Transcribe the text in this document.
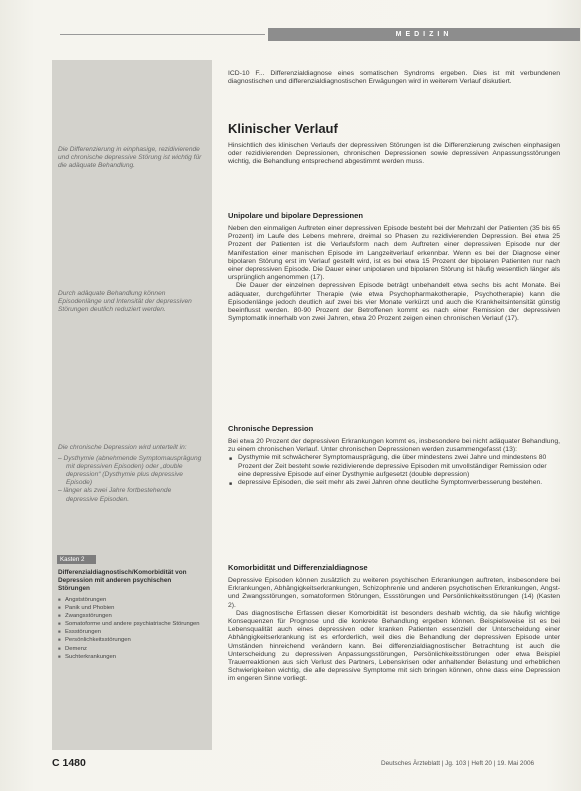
MEDIZIN
Die Differenzierung in einphasige, rezidivierende und chronische depressive Störung ist wichtig für die adäquate Behandlung.
Durch adäquate Behandlung können Episodenlänge und Intensität der depressiven Störungen deutlich reduziert werden.

Die chronische Depression wird unterteilt in:

– Dysthymie (abnehmende Symptomausprägung mit depressiven Episoden) oder „double depression“ (Dysthymie plus depressive Episode)

– länger als zwei Jahre fortbestehende depressive Episoden.

Kasten 2
Differenzialdiagnostisch/Komorbidität von Depression mit anderen psychischen Störungen
■ Angststörungen
■ Panik und Phobien
■ Zwangsstörungen
■ Somatoforme und andere psychiatrische Störungen
■ Essstörungen
■ Persönlichkeitsstörungen
■ Demenz
■ Suchterkrankungen

ICD-10 F... Differenzialdiagnose eines somatischen Syndroms ergeben. Dies ist mit verbundenen diagnostischen und differenzialdiagnostischen Erwägungen wird in weiterem Verlauf diskutiert.

Klinischer Verlauf

Hinsichtlich des klinischen Verlaufs der depressiven Störungen ist die Differenzierung zwischen einphasigen oder rezidivierenden Depressionen, chronischen Depressionen sowie depressiven Anpassungsstörungen wichtig, die Behandlung entsprechend abgestimmt werden muss.

Unipolare und bipolare Depressionen

Neben den einmaligen Auftreten einer depressiven Episode besteht bei der Mehrzahl der Patienten (35 bis 65 Prozent) im Laufe des Lebens mehrere, dreimal so Phasen zu rezidivierenden Depression. Bei etwa 25 Prozent der Patienten ist die Verlaufsform nach dem Auftreten einer depressiven Episode nur der Manifestation einer manischen Episode im Langzeitverlauf erkennbar. Wenn es bei der Diagnose einer bipolaren Störung erst im Verlauf gestellt wird, ist es bei etwa 15 Prozent der bipolaren Patienten nur nach einer depressiven Episode. Die Dauer einer unipolaren und bipolaren Störung ist häufig wesentlich länger als ursprünglich angenommen (17).

Die Dauer der einzelnen depressiven Episode beträgt unbehandelt etwa sechs bis acht Monate. Bei adäquater, durchgeführter Therapie (wie etwa Psychopharmakotherapie, Psychotherapie) kann die Episodenlänge jedoch deutlich auf zwei bis vier Monate verkürzt und auch die Krankheitsintensität günstig beeinflusst werden. 80-90 Prozent der Betroffenen kommt es nach einer Remission der depressiven Symptomatik innerhalb von zwei Jahren, etwa 20 Prozent zeigen einen chronischen Verlauf (17).

Chronische Depression

Bei etwa 20 Prozent der depressiven Erkrankungen kommt es, insbesondere bei nicht adäquater Behandlung, zu einem chronischen Verlauf. Unter chronischen Depressionen werden zusammengefasst (13):

■ Dysthymie mit schwächerer Symptomausprägung, die über mindestens zwei Jahre und mindestens 80 Prozent der Zeit besteht sowie rezidivierende depressive Episoden mit unvollständiger Remission oder eine depressive Episode auf einer Dysthymie aufgesetzt (double depression)
■ depressive Episoden, die seit mehr als zwei Jahren ohne deutliche Symptomverbesserung bestehen.
Komorbidität und Differenzialdiagnose

Depressive Episoden können zusätzlich zu weiteren psychischen Erkrankungen auftreten, insbesondere bei Erkrankungen, Abhängigkeitserkrankungen, Schizophrenie und anderen psychotischen Erkrankungen, Angst- und Zwangsstörungen, somatoformen Störungen, Essstörungen und Persönlichkeitsstörungen (14) (Kasten 2).

Das diagnostische Erfassen dieser Komorbidität ist besonders deshalb wichtig, da sie häufig wichtige Konsequenzen für Prognose und die konkrete Behandlung ergeben können. Beispielsweise ist es bei Lebensqualität auch eines depressiven oder kranken Patienten essenziell der Unterscheidung einer Abhängigkeitserkrankung ist es erforderlich, weil dies die Behandlung der depressiven Episode unter Umständen hinreichend verändern kann. Bei differenzialdiagnostischer Betrachtung ist auch die Unterscheidung zu depressiven Anpassungsstörungen, Persönlichkeitsstörungen oder etwa Beispiel Trauerreaktionen aus sich Verlust des Partners, Lebenskrisen oder anhaltender Belastung und erheblichen Schwierigkeiten wichtig, die alle depressive Symptome mit sich bringen können, ohne dass eine Depression im engeren Sinne vorliegt.

C 1480	Deutsches Ärzteblatt | Jg. 103 | Heft 20 | 19. Mai 2006
